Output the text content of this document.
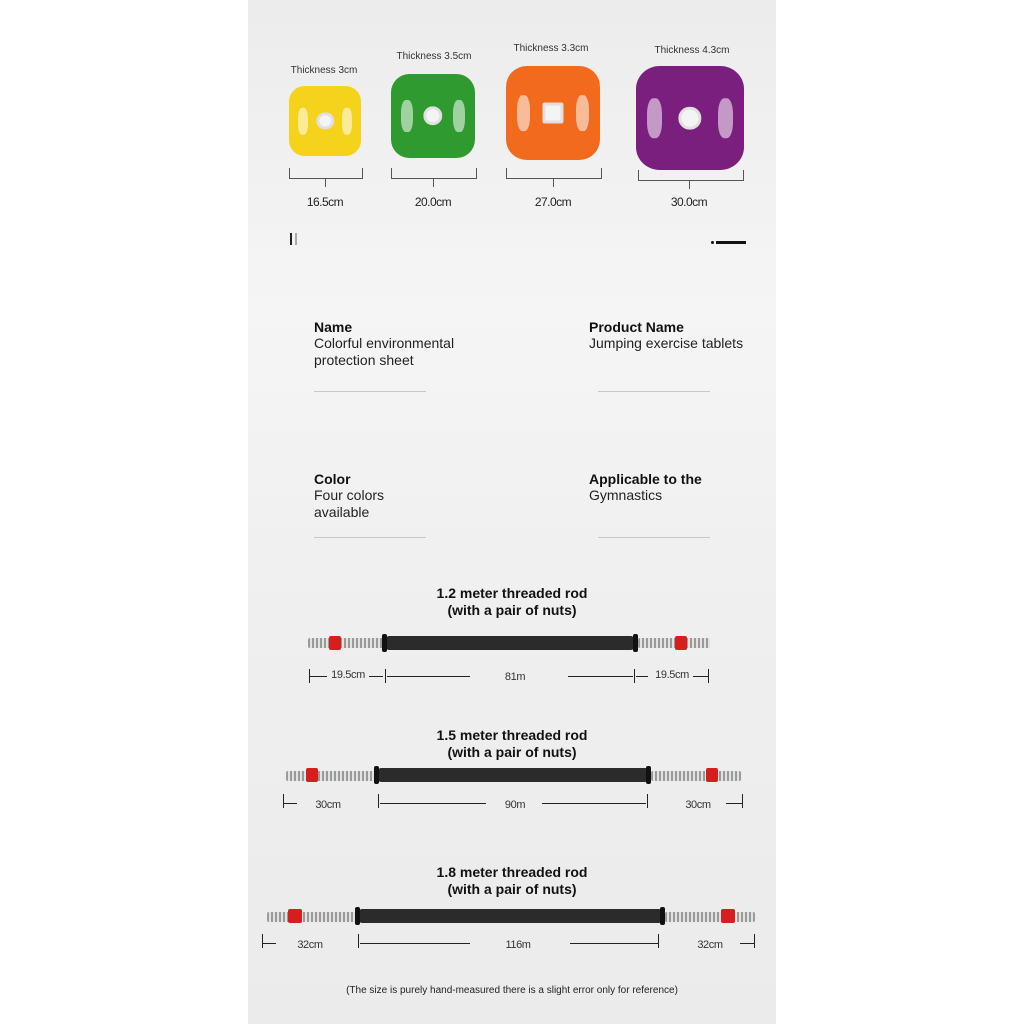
Thickness 3cm
16.5cm
Thickness 3.5cm
20.0cm
Thickness 3.3cm
27.0cm
Thickness 4.3cm
30.0cm
Name
Colorful environmental
protection sheet
Product Name
Jumping exercise tablets
Color
Four colors
available
Applicable to the
Gymnastics
1.2 meter threaded rod
(with a pair of nuts)
19.5cm	81m	19.5cm
1.5 meter threaded rod
(with a pair of nuts)
30cm	90m	30cm
1.8 meter threaded rod
(with a pair of nuts)
32cm	116m	32cm
(The size is purely hand-measured there is a slight error only for reference)
